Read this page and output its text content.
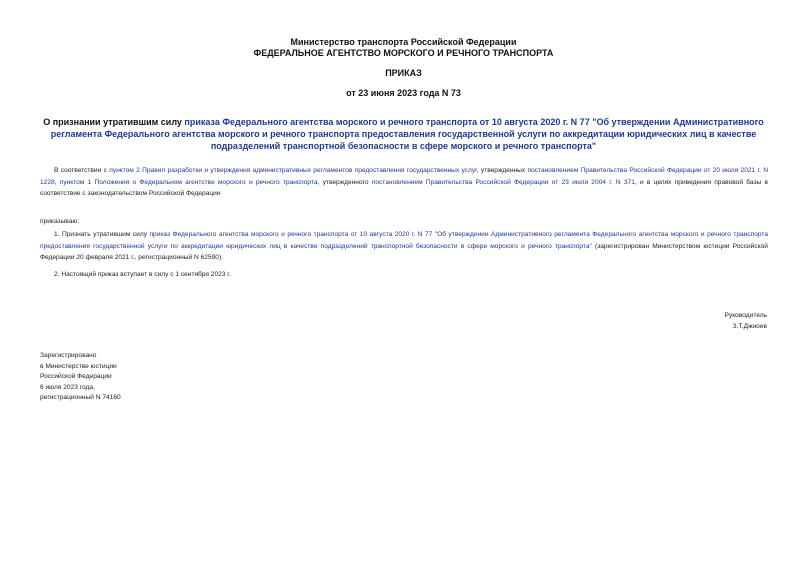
Министерство транспорта Российской Федерации
ФЕДЕРАЛЬНОЕ АГЕНТСТВО МОРСКОГО И РЕЧНОГО ТРАНСПОРТА
ПРИКАЗ
от 23 июня 2023 года N 73
О признании утратившим силу приказа Федерального агентства морского и речного транспорта от 10 августа 2020 г. N 77 "Об утверждении Административного регламента Федерального агентства морского и речного транспорта предоставления государственной услуги по аккредитации юридических лиц в качестве подразделений транспортной безопасности в сфере морского и речного транспорта"
В соответствии с пунктом 2 Правил разработки и утверждения административных регламентов предоставления государственных услуг, утвержденных постановлением Правительства Российской Федерации от 20 июля 2021 г. N 1228, пунктом 1 Положения о Федеральном агентстве морского и речного транспорта, утвержденного постановлением Правительства Российской Федерации от 23 июля 2004 г. N 371, и в целях приведения правовой базы в соответствие с законодательством Российской Федерации
приказываю:
1. Признать утратившим силу приказ Федерального агентства морского и речного транспорта от 10 августа 2020 г. N 77 "Об утверждении Административного регламента Федерального агентства морского и речного транспорта предоставления государственной услуги по аккредитации юридических лиц в качестве подразделений транспортной безопасности в сфере морского и речного транспорта" (зарегистрирован Министерством юстиции Российской Федерации 20 февраля 2021 г., регистрационный N 62590).
2. Настоящий приказ вступает в силу с 1 сентября 2023 г.
Руководитель
З.Т.Джиоев
Зарегистрировано
в Министерстве юстиции
Российской Федерации
6 июля 2023 года,
регистрационный N 74160
